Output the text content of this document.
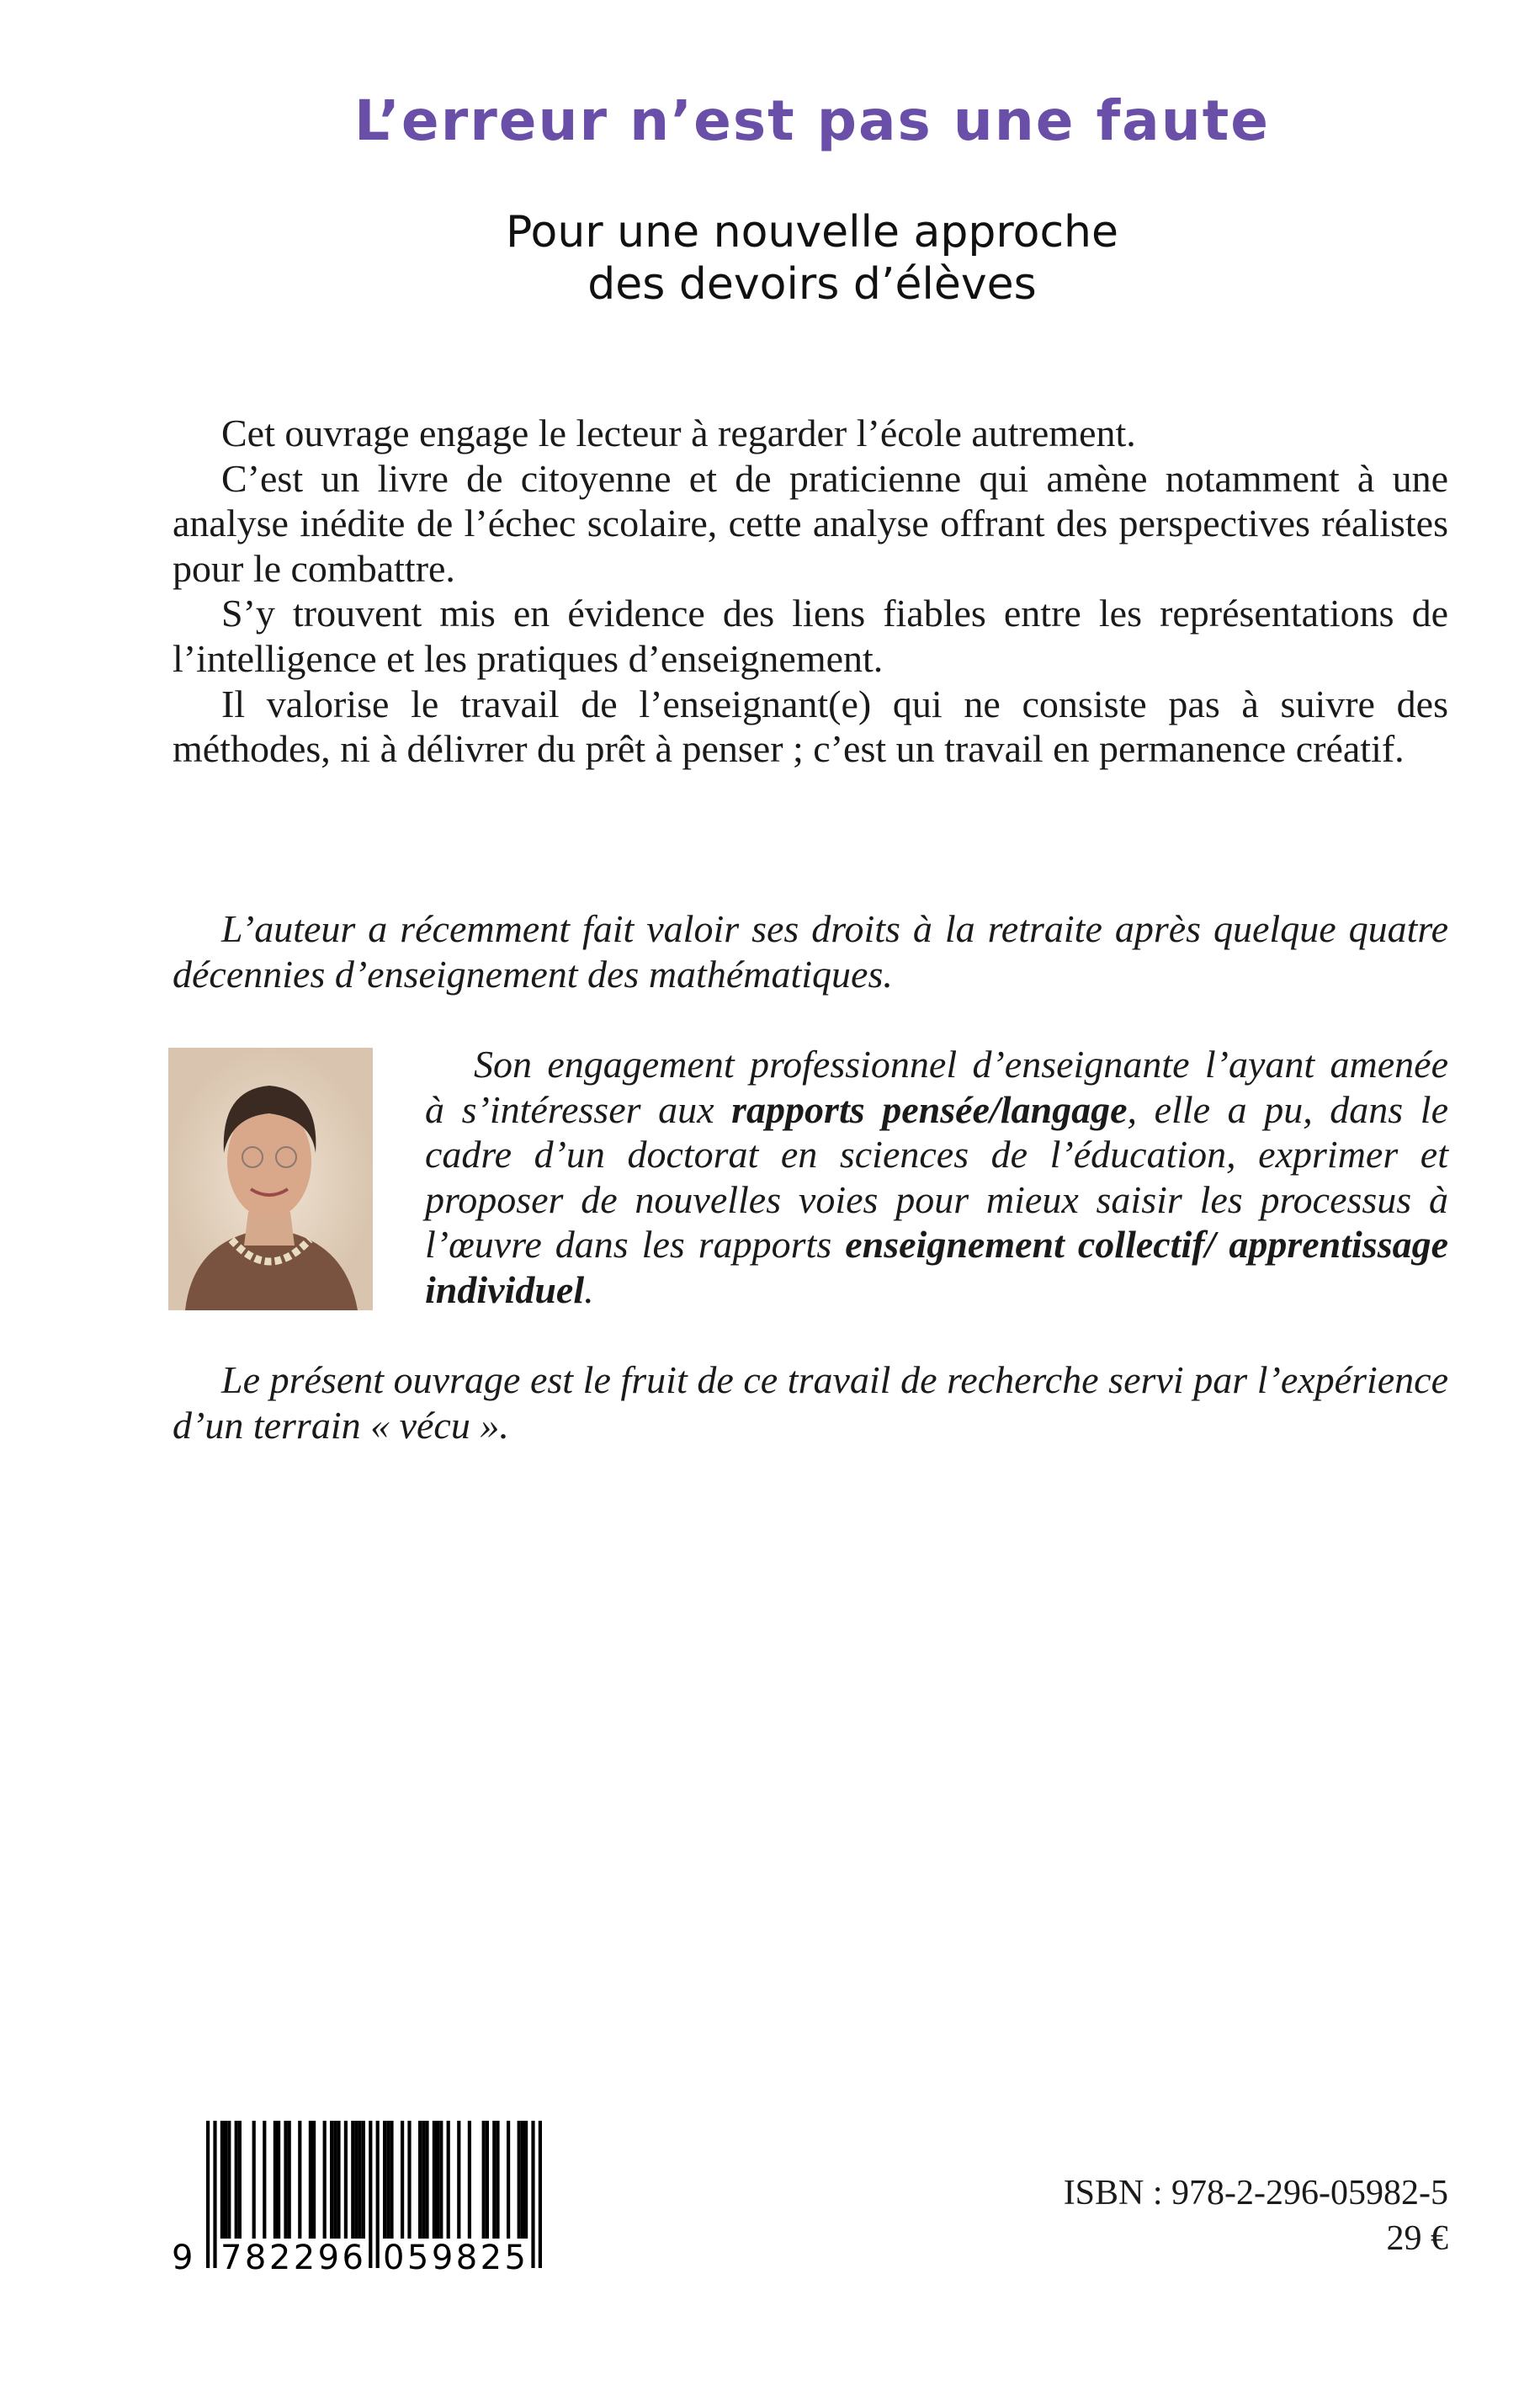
L’erreur n’est pas une faute
Pour une nouvelle approche
des devoirs d’élèves

Cet ouvrage engage le lecteur à regarder l’école autrement.

C’est un livre de citoyenne et de praticienne qui amène notamment à une analyse inédite de l’échec scolaire, cette analyse offrant des perspectives réalistes pour le combattre.

S’y trouvent mis en évidence des liens fiables entre les représentations de l’intelligence et les pratiques d’enseignement.

Il valorise le travail de l’enseignant(e) qui ne consiste pas à suivre des méthodes, ni à délivrer du prêt à penser ; c’est un travail en permanence créatif.

L’auteur a récemment fait valoir ses droits à la retraite après quelque quatre décennies d’enseignement des mathématiques.

Son engagement professionnel d’enseignante l’ayant amenée à s’intéresser aux rapports pensée/langage, elle a pu, dans le cadre d’un doctorat en sciences de l’éducation, exprimer et proposer de nouvelles voies pour mieux saisir les processus à l’œuvre dans les rapports enseignement collectif/ apprentissage individuel.

Le présent ouvrage est le fruit de ce travail de recherche servi par l’expérience d’un terrain « vécu ».

9 782296 059825
ISBN : 978-2-296-05982-5
29 €
